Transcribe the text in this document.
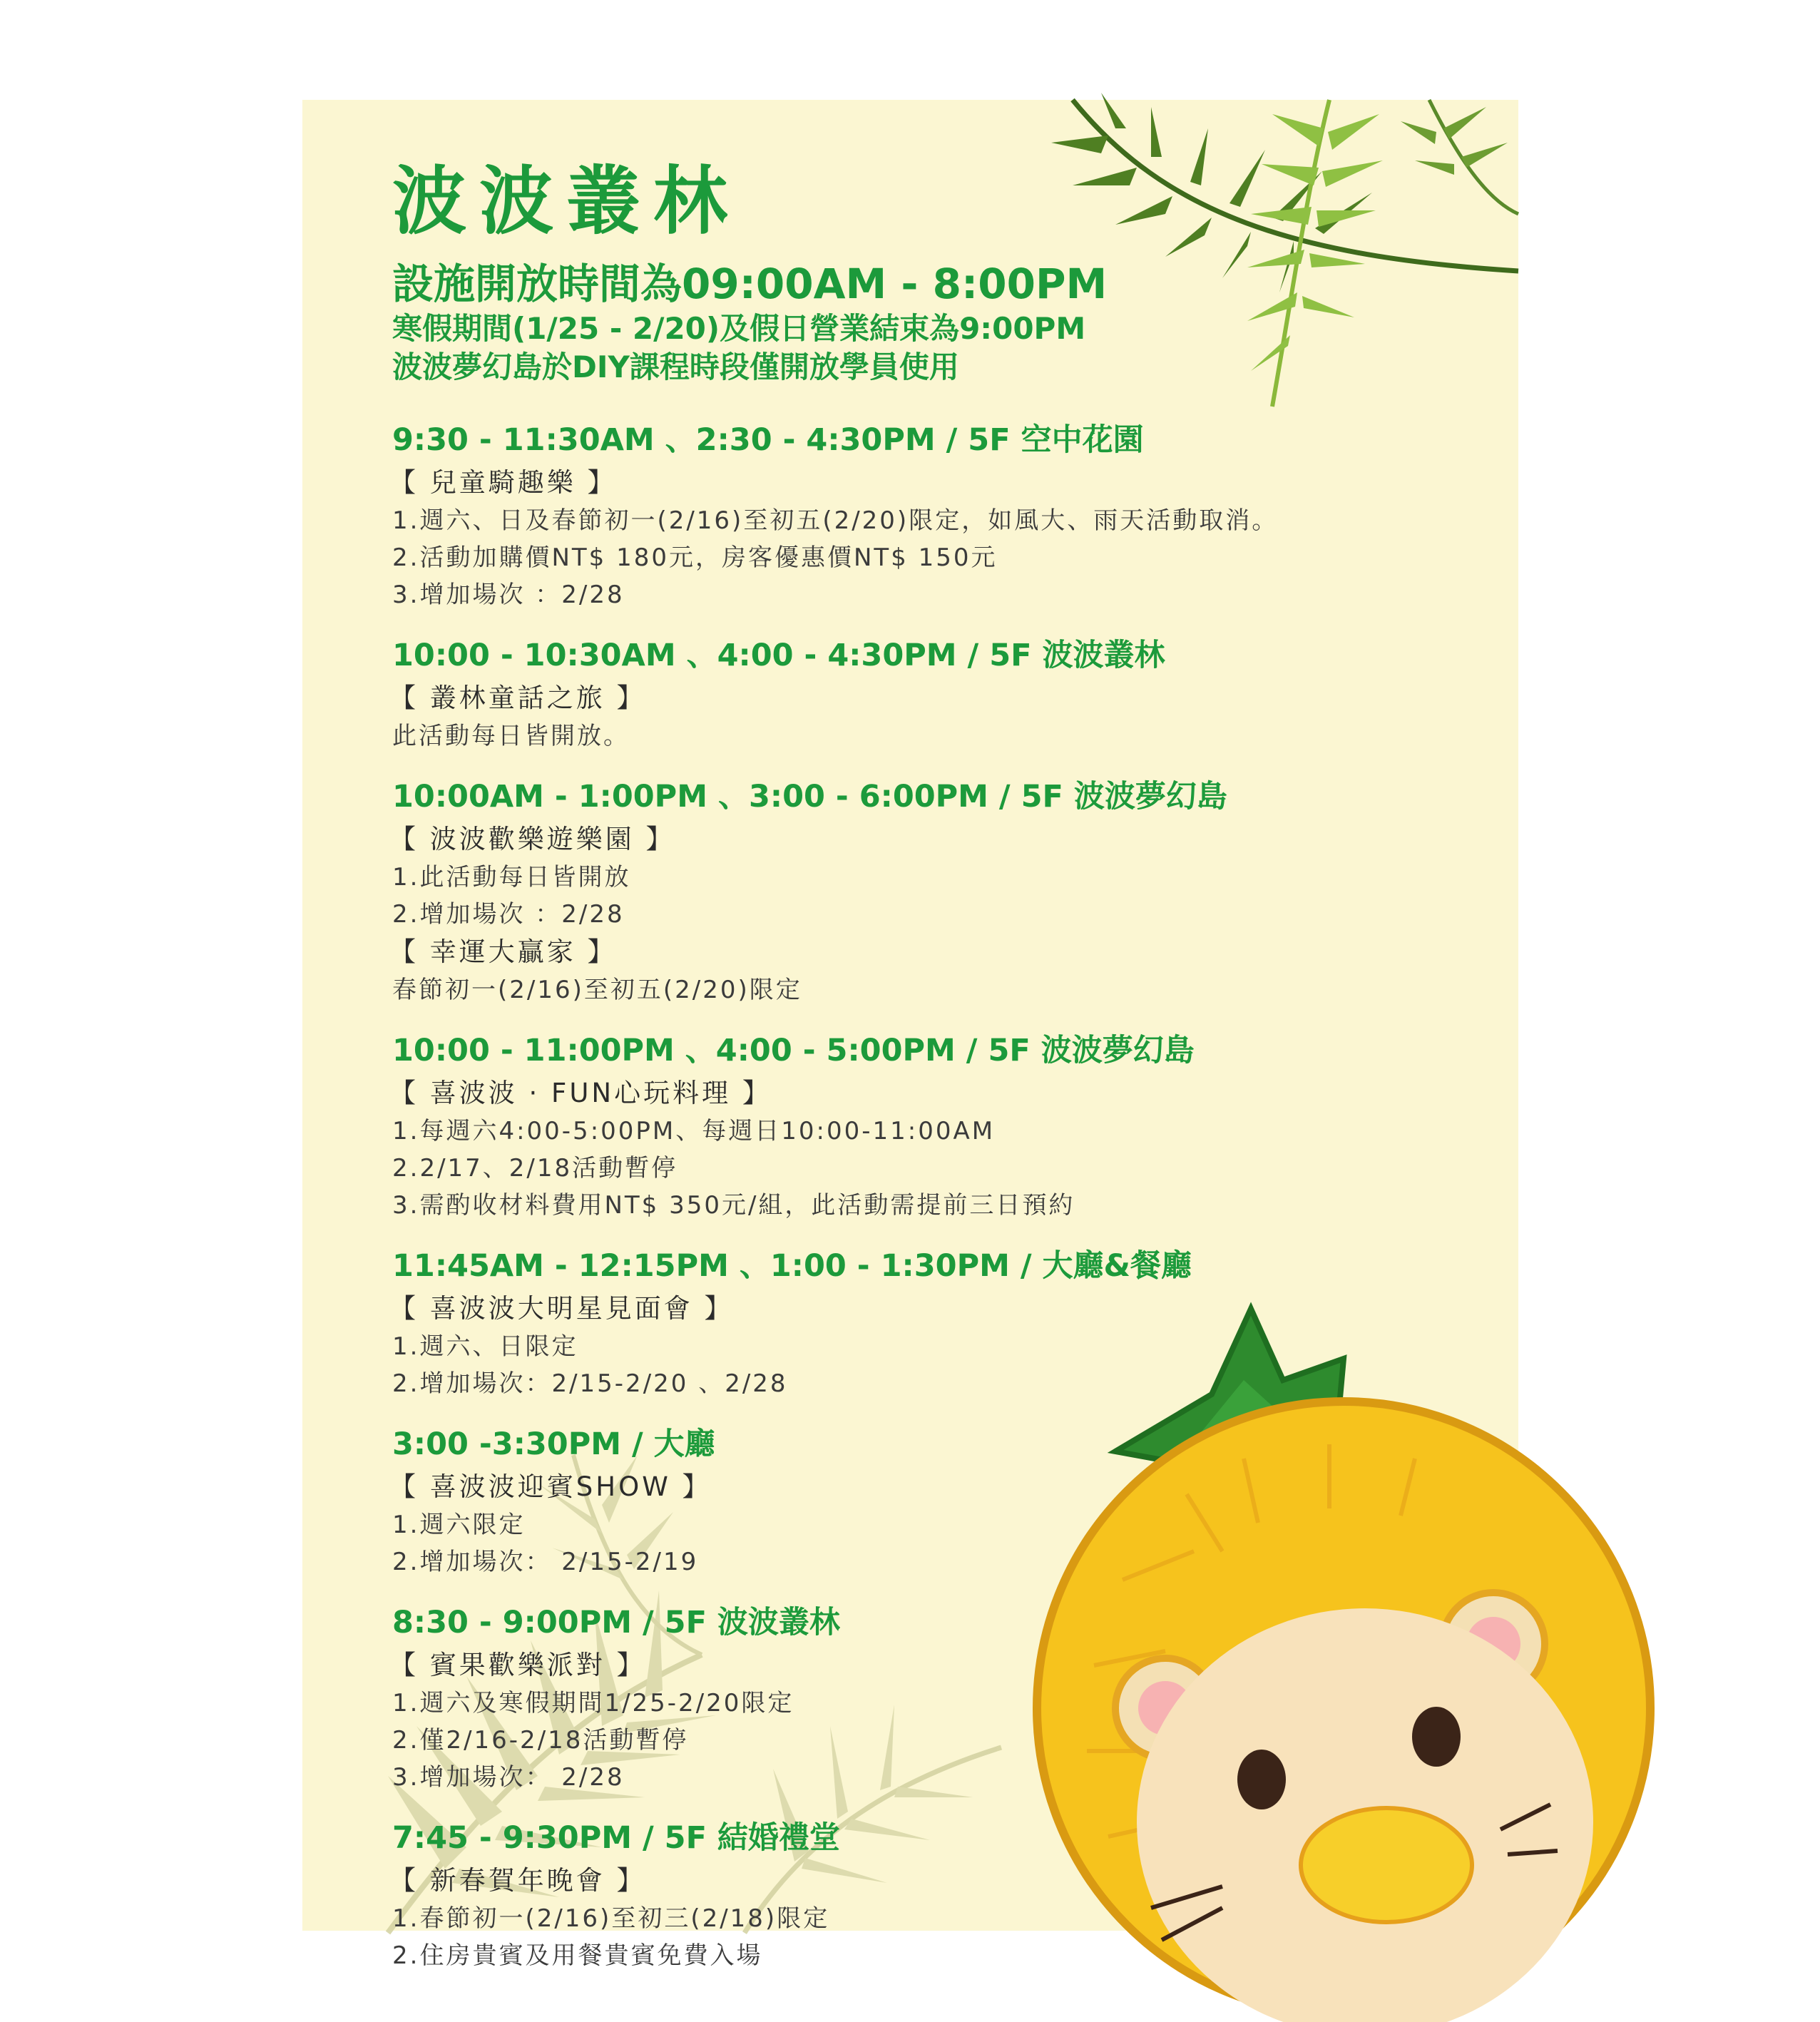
波波叢林
設施開放時間為09:00AM - 8:00PM
寒假期間(1/25 - 2/20)及假日營業結束為9:00PM
波波夢幻島於DIY課程時段僅開放學員使用
9:30 - 11:30AM 、2:30 - 4:30PM / 5F 空中花園
【 兒童騎趣樂 】
1.週六、日及春節初一(2/16)至初五(2/20)限定，如風大、雨天活動取消。
2.活動加購價NT$ 180元，房客優惠價NT$ 150元
3.增加場次 ：2/28
10:00 - 10:30AM 、4:00 - 4:30PM / 5F 波波叢林
【 叢林童話之旅 】
此活動每日皆開放。
10:00AM - 1:00PM 、3:00 - 6:00PM / 5F 波波夢幻島
【 波波歡樂遊樂園 】
1.此活動每日皆開放
2.增加場次 ：2/28
【 幸運大贏家 】
春節初一(2/16)至初五(2/20)限定
10:00 - 11:00PM 、4:00 - 5:00PM / 5F 波波夢幻島
【 喜波波 · FUN心玩料理 】
1.每週六4:00-5:00PM、每週日10:00-11:00AM
2.2/17、2/18活動暫停
3.需酌收材料費用NT$ 350元/組，此活動需提前三日預約
11:45AM - 12:15PM 、1:00 - 1:30PM / 大廳&餐廳
【 喜波波大明星見面會 】
1.週六、日限定
2.增加場次：2/15-2/20 、2/28
3:00 -3:30PM / 大廳
【 喜波波迎賓SHOW 】
1.週六限定
2.增加場次： 2/15-2/19
8:30 - 9:00PM / 5F 波波叢林
【 賓果歡樂派對 】
1.週六及寒假期間1/25-2/20限定
2.僅2/16-2/18活動暫停
3.增加場次： 2/28
7:45 - 9:30PM / 5F 結婚禮堂
【 新春賀年晚會 】
1.春節初一(2/16)至初三(2/18)限定
2.住房貴賓及用餐貴賓免費入場
